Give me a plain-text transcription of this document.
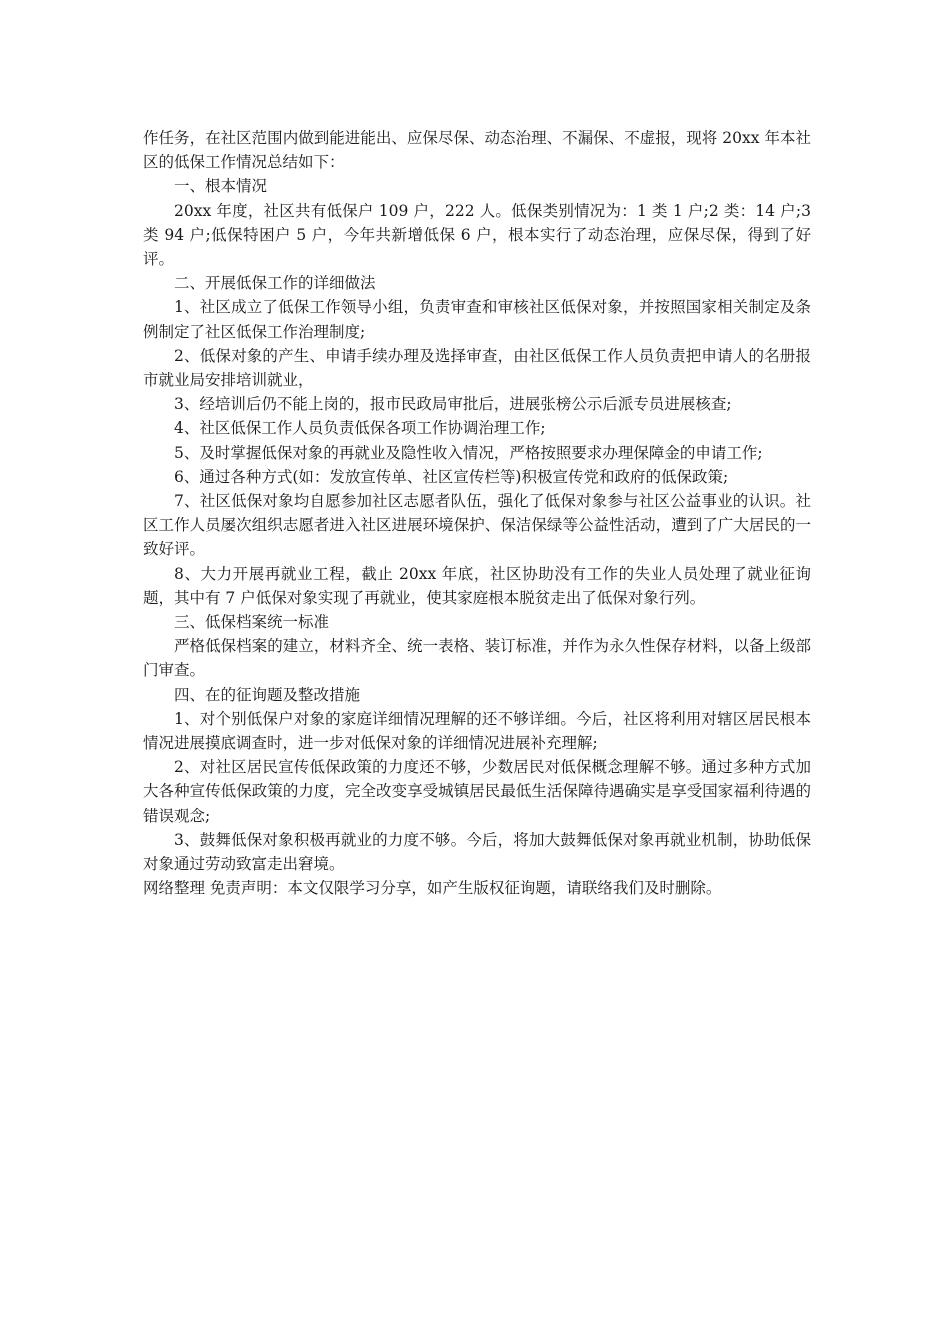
作任务，在社区范围内做到能进能出、应保尽保、动态治理、不漏保、不虚报，现将 20xx 年本社区的低保工作情况总结如下：

一、根本情况

20xx 年度，社区共有低保户 109 户，222 人。低保类别情况为：1 类 1 户;2 类：14 户;3 类 94 户;低保特困户 5 户，今年共新增低保 6 户，根本实行了动态治理，应保尽保，得到了好评。

二、开展低保工作的详细做法

1、社区成立了低保工作领导小组，负责审查和审核社区低保对象，并按照国家相关制定及条例制定了社区低保工作治理制度;

2、低保对象的产生、申请手续办理及选择审查，由社区低保工作人员负责把申请人的名册报市就业局安排培训就业，

3、经培训后仍不能上岗的，报市民政局审批后，进展张榜公示后派专员进展核查;

4、社区低保工作人员负责低保各项工作协调治理工作;

5、及时掌握低保对象的再就业及隐性收入情况，严格按照要求办理保障金的申请工作;

6、通过各种方式(如：发放宣传单、社区宣传栏等)积极宣传党和政府的低保政策;

7、社区低保对象均自愿参加社区志愿者队伍，强化了低保对象参与社区公益事业的认识。社区工作人员屡次组织志愿者进入社区进展环境保护、保洁保绿等公益性活动，遭到了广大居民的一致好评。

8、大力开展再就业工程，截止 20xx 年底，社区协助没有工作的失业人员处理了就业征询题，其中有 7 户低保对象实现了再就业，使其家庭根本脱贫走出了低保对象行列。

三、低保档案统一标准

严格低保档案的建立，材料齐全、统一表格、装订标准，并作为永久性保存材料，以备上级部门审查。

四、在的征询题及整改措施

1、对个别低保户对象的家庭详细情况理解的还不够详细。今后，社区将利用对辖区居民根本情况进展摸底调查时，进一步对低保对象的详细情况进展补充理解;

2、对社区居民宣传低保政策的力度还不够，少数居民对低保概念理解不够。通过多种方式加大各种宣传低保政策的力度，完全改变享受城镇居民最低生活保障待遇确实是享受国家福利待遇的错误观念;

3、鼓舞低保对象积极再就业的力度不够。今后，将加大鼓舞低保对象再就业机制，协助低保对象通过劳动致富走出窘境。

网络整理 免责声明：本文仅限学习分享，如产生版权征询题，请联络我们及时删除。
